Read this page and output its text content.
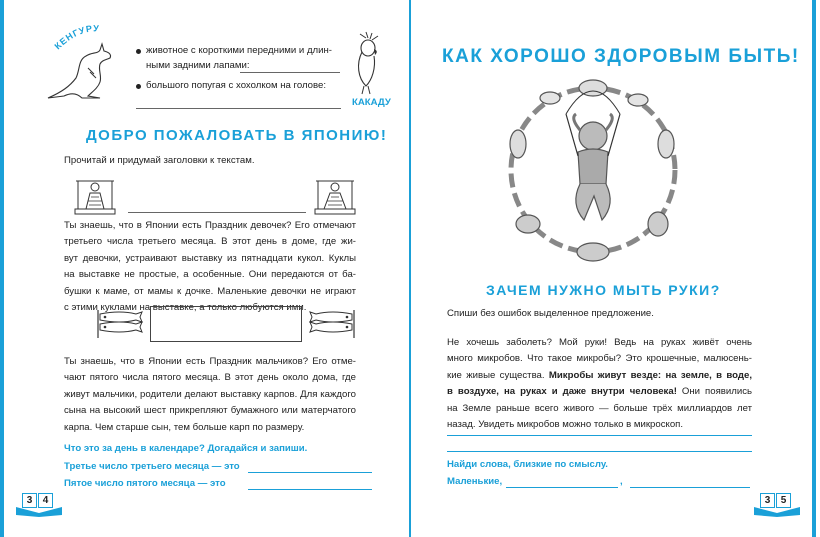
КЕНГУРУ
животное с короткими передними и длин-
ными задними лапами:
большого попугая с хохолком на голове:
КАКАДУ
ДОБРО ПОЖАЛОВАТЬ В ЯПОНИЮ!
Прочитай и придумай заголовки к текстам.
Ты знаешь, что в Японии есть Праздник девочек? Его отмечают
третьего числа третьего месяца. В этот день в доме, где жи-
вут девочки, устраивают выставку из пятнадцати кукол. Куклы
на выставке не простые, а особенные. Они передаются от ба-
бушки к маме, от мамы к дочке. Маленькие девочки не играют
с этими куклами на выставке, а только любуются ими.
Ты знаешь, что в Японии есть Праздник мальчиков? Его отме-
чают пятого числа пятого месяца. В этот день около дома, где
живут мальчики, родители делают выставку карпов. Для каждого
сына на высокий шест прикрепляют бумажного или матерчатого
карпа. Чем старше сын, тем больше карп по размеру.
Что это за день в календаре? Догадайся и запиши.
Третье число третьего месяца — это
Пятое число пятого месяца — это
3	4
КАК ХОРОШО ЗДОРОВЫМ БЫТЬ!
ЗАЧЕМ НУЖНО МЫТЬ РУКИ?
Спиши без ошибок выделенное предложение.
Не хочешь заболеть? Мой руки! Ведь на руках живёт очень
много микробов. Что такое микробы? Это крошечные, малюсень-
кие живые существа. Микробы живут везде: на земле, в воде,
в воздухе, на руках и даже внутри человека! Они появились
на Земле раньше всего живого — больше трёх миллиардов лет
назад. Увидеть микробов можно только в микроскоп.
Найди слова, близкие по смыслу.
Маленькие,	,
3	5
